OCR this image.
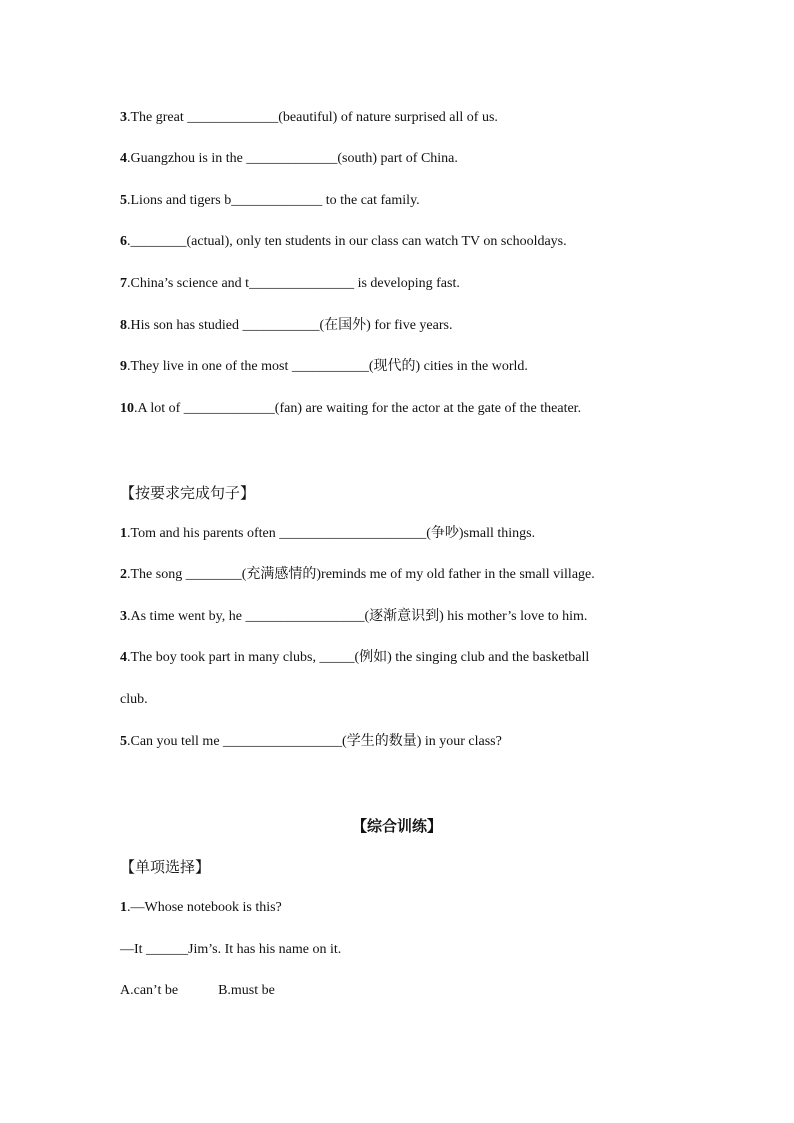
3.The great _____________(beautiful) of nature surprised all of us.
4.Guangzhou is in the _____________(south) part of China.
5.Lions and tigers b_____________ to the cat family.
6.________(actual), only ten students in our class can watch TV on schooldays.
7.China’s science and t_______________ is developing fast.
8.His son has studied ___________(在国外) for five years.
9.They live in one of the most ___________(现代的) cities in the world.
10.A lot of _____________(fan) are waiting for the actor at the gate of the theater.
【按要求完成句子】
1.Tom and his parents often _____________________(争吵)small things.
2.The song ________(充满感情的)reminds me of my old father in the small village.
3.As time went by, he _________________(逐渐意识到) his mother’s love to him.
4.The boy took part in many clubs, _____(例如) the singing club and the basketball
club.
5.Can you tell me _________________(学生的数量) in your class?
【综合训练】
【单项选择】
1.—Whose notebook is this?
—It ______Jim’s. It has his name on it.
A.can’t be	B.must be
